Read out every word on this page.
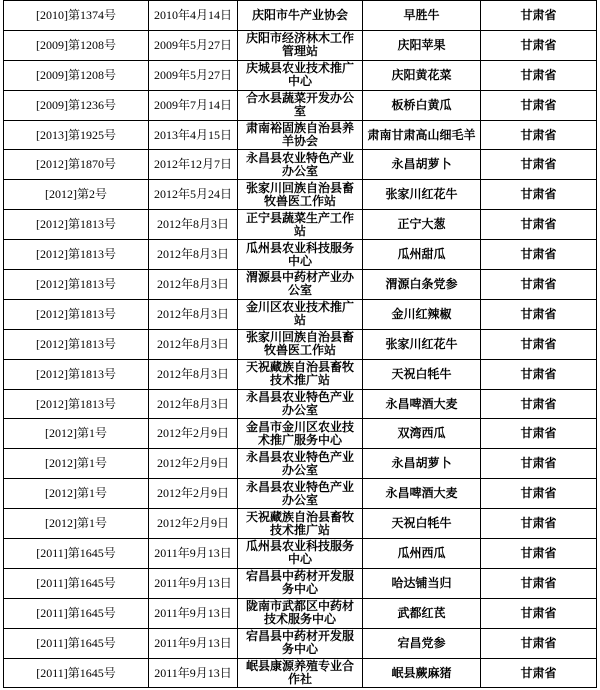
[2010]第1374号	2010年4月14日	庆阳市牛产业协会	早胜牛	甘肃省
[2009]第1208号	2009年5月27日	庆阳市经济林木工作管理站	庆阳苹果	甘肃省
[2009]第1208号	2009年5月27日	庆城县农业技术推广中心	庆阳黄花菜	甘肃省
[2009]第1236号	2009年7月14日	合水县蔬菜开发办公室	板桥白黄瓜	甘肃省
[2013]第1925号	2013年4月15日	肃南裕固族自治县养羊协会	肃南甘肃高山细毛羊	甘肃省
[2012]第1870号	2012年12月7日	永昌县农业特色产业办公室	永昌胡萝卜	甘肃省
[2012]第2号	2012年5月24日	张家川回族自治县畜牧兽医工作站	张家川红花牛	甘肃省
[2012]第1813号	2012年8月3日	正宁县蔬菜生产工作站	正宁大葱	甘肃省
[2012]第1813号	2012年8月3日	瓜州县农业科技服务中心	瓜州甜瓜	甘肃省
[2012]第1813号	2012年8月3日	渭源县中药材产业办公室	渭源白条党参	甘肃省
[2012]第1813号	2012年8月3日	金川区农业技术推广站	金川红辣椒	甘肃省
[2012]第1813号	2012年8月3日	张家川回族自治县畜牧兽医工作站	张家川红花牛	甘肃省
[2012]第1813号	2012年8月3日	天祝藏族自治县畜牧技术推广站	天祝白牦牛	甘肃省
[2012]第1813号	2012年8月3日	永昌县农业特色产业办公室	永昌啤酒大麦	甘肃省
[2012]第1号	2012年2月9日	金昌市金川区农业技术推广服务中心	双湾西瓜	甘肃省
[2012]第1号	2012年2月9日	永昌县农业特色产业办公室	永昌胡萝卜	甘肃省
[2012]第1号	2012年2月9日	永昌县农业特色产业办公室	永昌啤酒大麦	甘肃省
[2012]第1号	2012年2月9日	天祝藏族自治县畜牧技术推广站	天祝白牦牛	甘肃省
[2011]第1645号	2011年9月13日	瓜州县农业科技服务中心	瓜州西瓜	甘肃省
[2011]第1645号	2011年9月13日	宕昌县中药材开发服务中心	哈达铺当归	甘肃省
[2011]第1645号	2011年9月13日	陇南市武都区中药材技术服务中心	武都红芪	甘肃省
[2011]第1645号	2011年9月13日	宕昌县中药材开发服务中心	宕昌党参	甘肃省
[2011]第1645号	2011年9月13日	岷县康源养殖专业合作社	岷县蕨麻猪	甘肃省
